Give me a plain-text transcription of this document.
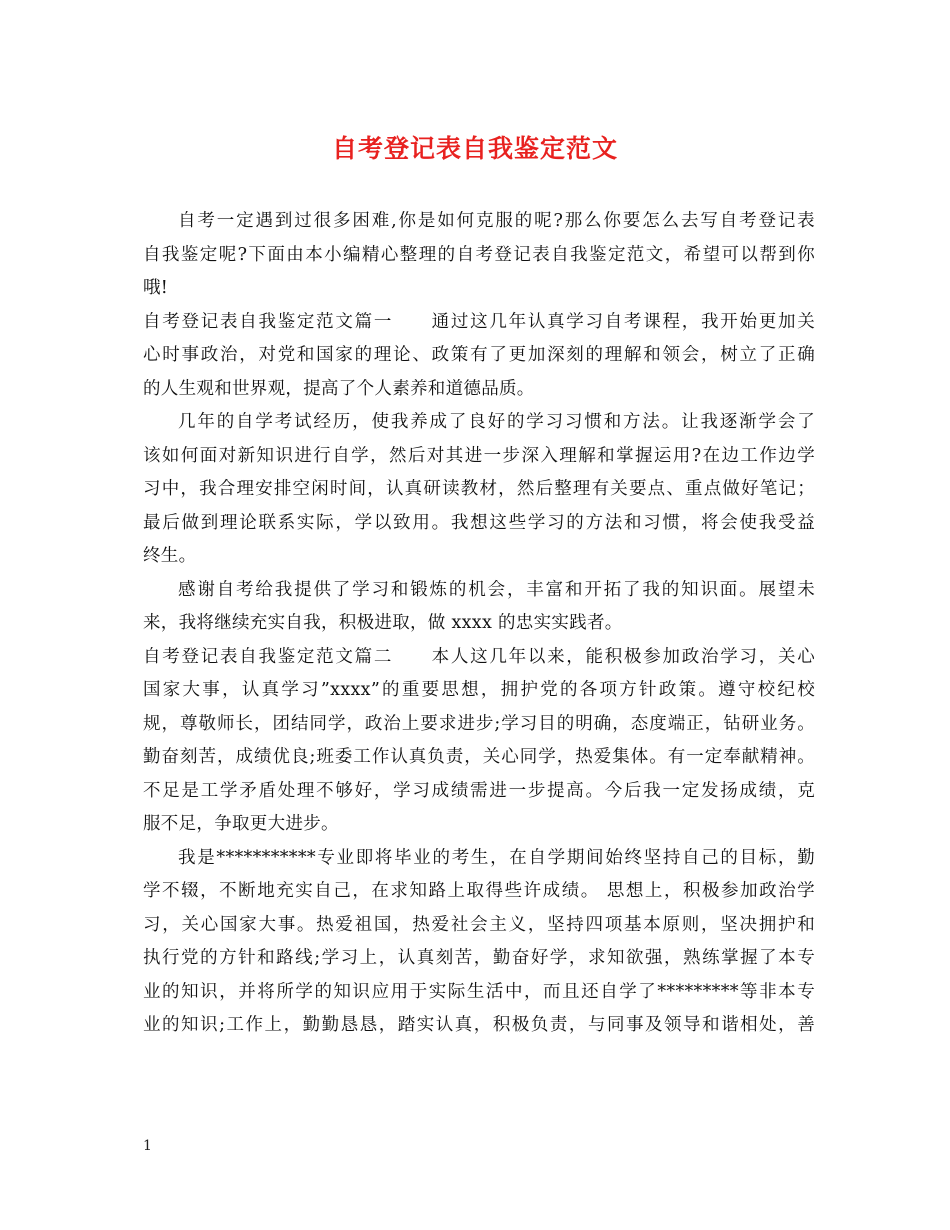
自考登记表自我鉴定范文
自考一定遇到过很多困难,你是如何克服的呢?那么你要怎么去写自考登记表
自我鉴定呢?下面由本小编精心整理的自考登记表自我鉴定范文，希望可以帮到你
哦!
自考登记表自我鉴定范文篇一　　通过这几年认真学习自考课程，我开始更加关
心时事政治，对党和国家的理论、政策有了更加深刻的理解和领会，树立了正确
的人生观和世界观，提高了个人素养和道德品质。
几年的自学考试经历，使我养成了良好的学习习惯和方法。让我逐渐学会了
该如何面对新知识进行自学，然后对其进一步深入理解和掌握运用?在边工作边学
习中，我合理安排空闲时间，认真研读教材，然后整理有关要点、重点做好笔记；
最后做到理论联系实际，学以致用。我想这些学习的方法和习惯，将会使我受益
终生。
感谢自考给我提供了学习和锻炼的机会，丰富和开拓了我的知识面。展望未
来，我将继续充实自我，积极进取，做 xxxx 的忠实实践者。
自考登记表自我鉴定范文篇二　　本人这几年以来，能积极参加政治学习，关心
国家大事，认真学习”xxxx”的重要思想，拥护党的各项方针政策。遵守校纪校
规，尊敬师长，团结同学，政治上要求进步;学习目的明确，态度端正，钻研业务。
勤奋刻苦，成绩优良;班委工作认真负责，关心同学，热爱集体。有一定奉献精神。
不足是工学矛盾处理不够好，学习成绩需进一步提高。今后我一定发扬成绩，克
服不足，争取更大进步。
我是***********专业即将毕业的考生，在自学期间始终坚持自己的目标，勤
学不辍，不断地充实自己，在求知路上取得些许成绩。 思想上，积极参加政治学
习，关心国家大事。热爱祖国，热爱社会主义，坚持四项基本原则，坚决拥护和
执行党的方针和路线;学习上，认真刻苦，勤奋好学，求知欲强，熟练掌握了本专
业的知识，并将所学的知识应用于实际生活中，而且还自学了*********等非本专
业的知识;工作上，勤勤恳恳，踏实认真，积极负责，与同事及领导和谐相处，善
1
